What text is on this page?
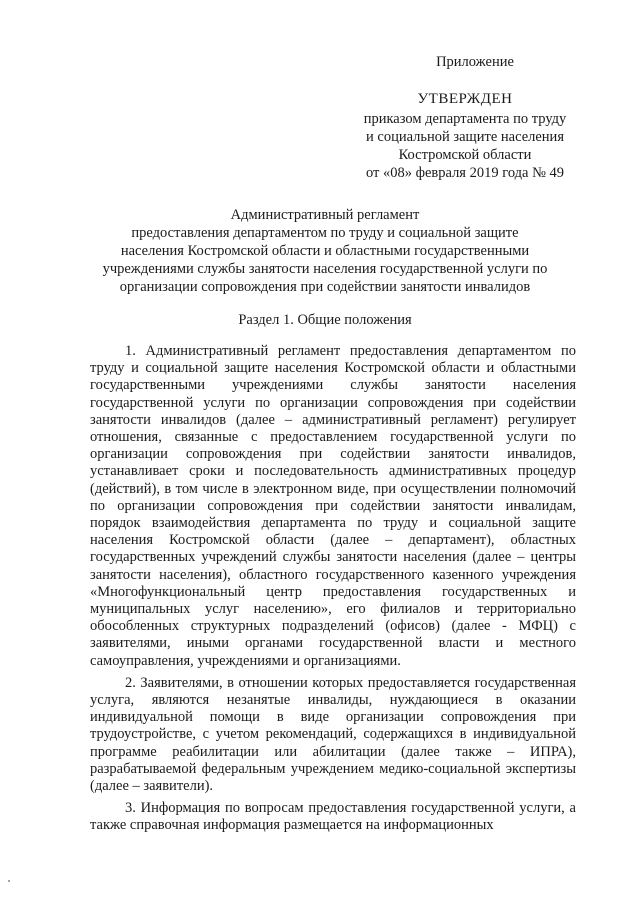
Приложение
УТВЕРЖДЕН
приказом департамента по труду
и социальной защите населения
Костромской области
от «08» февраля 2019 года № 49
Административный регламент
предоставления департаментом по труду и социальной защите
населения Костромской области и областными государственными
учреждениями службы занятости населения государственной услуги по
организации сопровождения при содействии занятости инвалидов
Раздел 1. Общие положения

1. Административный регламент предоставления департаментом по труду и социальной защите населения Костромской области и областными государственными учреждениями службы занятости населения государственной услуги по организации сопровождения при содействии занятости инвалидов (далее – административный регламент) регулирует отношения, связанные с предоставлением государственной услуги по организации сопровождения при содействии занятости инвалидов, устанавливает сроки и последовательность административных процедур (действий), в том числе в электронном виде, при осуществлении полномочий по организации сопровождения при содействии занятости инвалидам, порядок взаимодействия департамента по труду и социальной защите населения Костромской области (далее – департамент), областных государственных учреждений службы занятости населения (далее – центры занятости населения), областного государственного казенного учреждения «Многофункциональный центр предоставления государственных и муниципальных услуг населению», его филиалов и территориально обособленных структурных подразделений (офисов) (далее - МФЦ) с заявителями, иными органами государственной власти и местного самоуправления, учреждениями и организациями.

2. Заявителями, в отношении которых предоставляется государственная услуга, являются незанятые инвалиды, нуждающиеся в оказании индивидуальной помощи в виде организации сопровождения при трудоустройстве, с учетом рекомендаций, содержащихся в индивидуальной программе реабилитации или абилитации (далее также – ИПРА), разрабатываемой федеральным учреждением медико-социальной экспертизы (далее – заявители).

3. Информация по вопросам предоставления государственной услуги, а также справочная информация размещается на информационных
